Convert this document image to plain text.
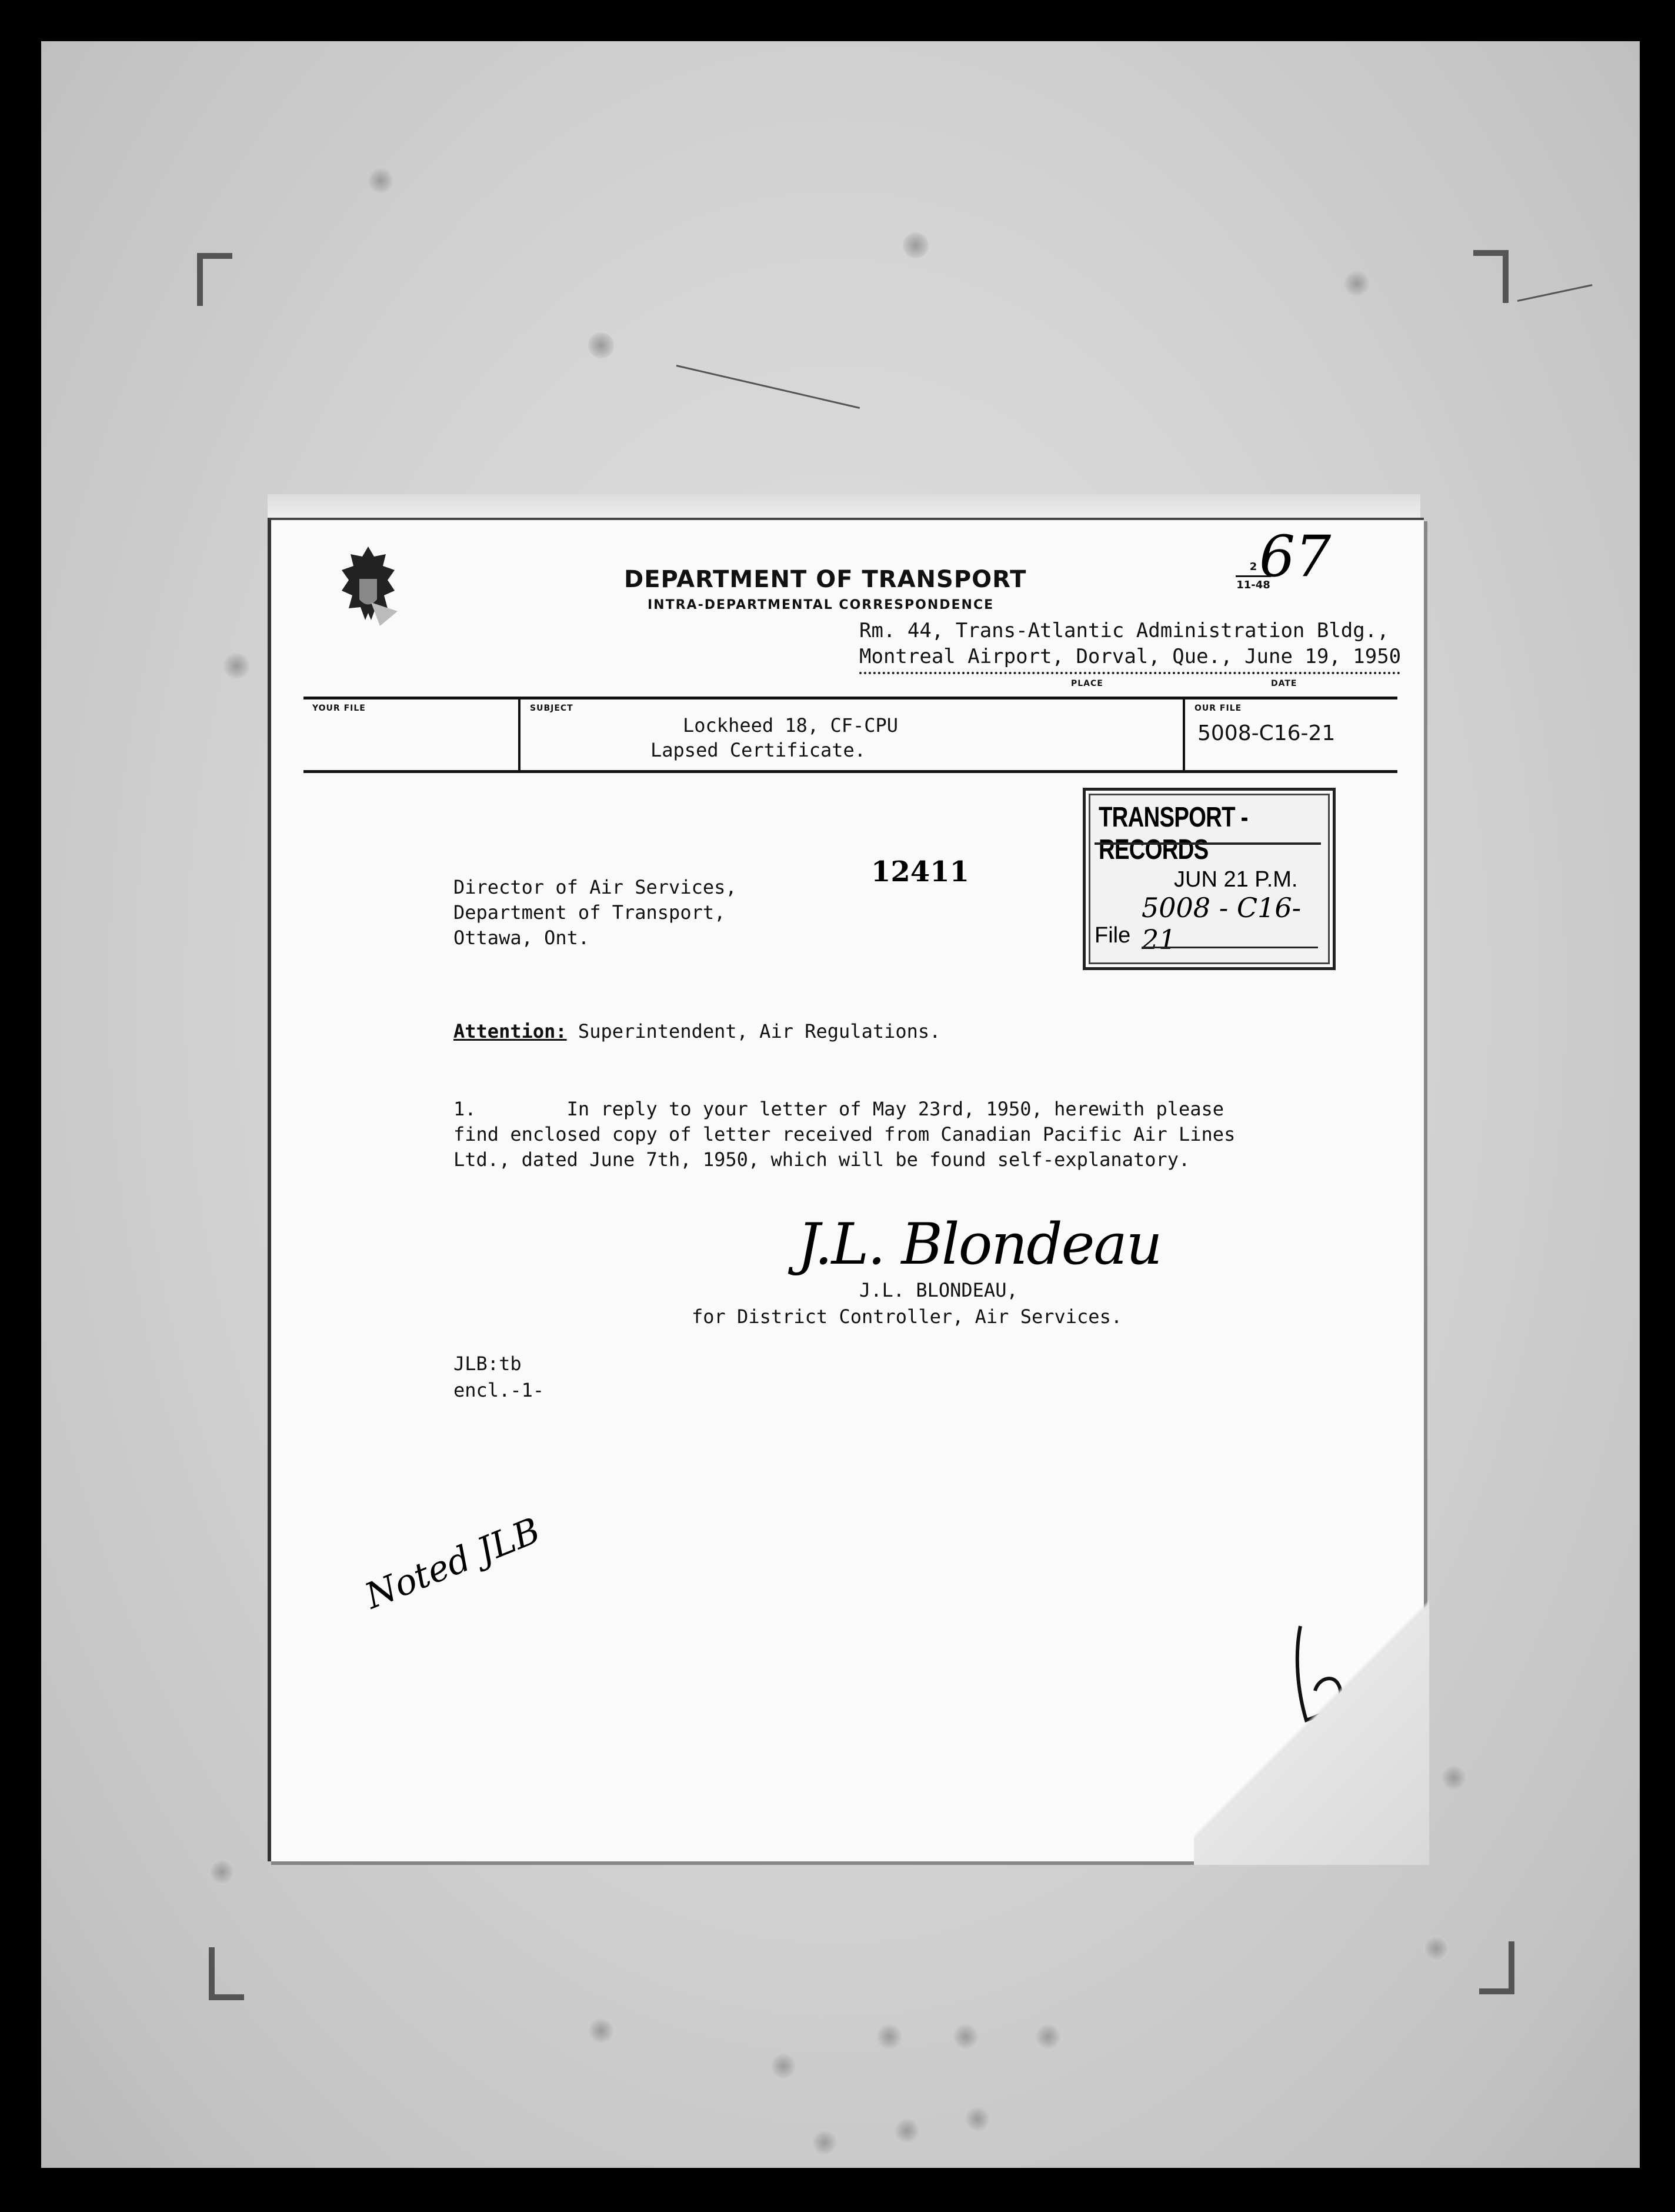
DEPARTMENT OF TRANSPORT
INTRA-DEPARTMENTAL CORRESPONDENCE
67
2
11-48
Rm. 44, Trans-Atlantic Administration Bldg.,
Montreal Airport, Dorval, Que., June 19, 1950
PLACE	DATE
YOUR FILE	SUBJECT
Lockheed 18, CF-CPU
Lapsed Certificate.
OUR FILE
5008-C16-21
TRANSPORT - RECORDS
JUN 21 P.M.
5008 - C16-21
File
12411
Director of Air Services,
Department of Transport,
Ottawa, Ont.
Attention: Superintendent, Air Regulations.
1.        In reply to your letter of May 23rd, 1950, herewith please
find enclosed copy of letter received from Canadian Pacific Air Lines
Ltd., dated June 7th, 1950, which will be found self-explanatory.
J.L. Blondeau
J.L. BLONDEAU,
for District Controller, Air Services.
JLB:tb
encl.-1-
Noted JLB
